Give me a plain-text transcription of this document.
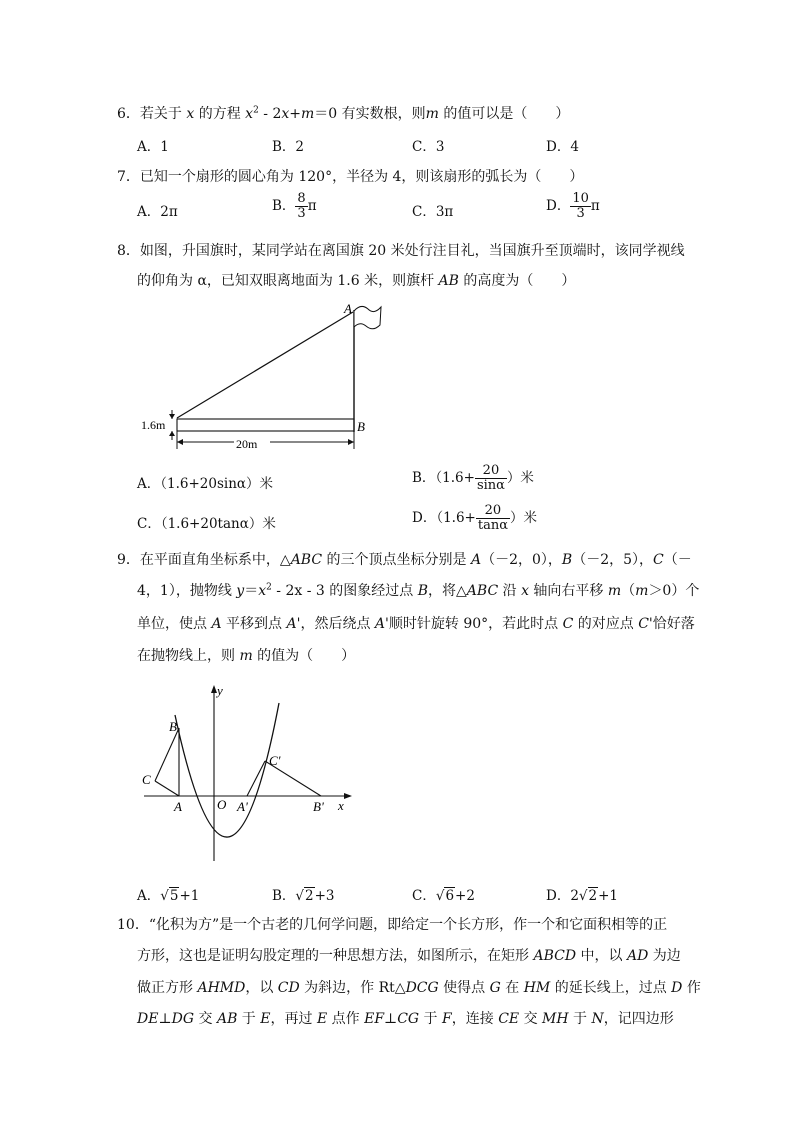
6．若关于 x 的方程 $x^2 - 2x+m=0$ 有实数根，则m 的值可以是（　　）
A．1	B．2	C．3	D．4
7．已知一个扇形的圆心角为 120°，半径为 4，则该扇形的弧长为（　　）
A．2π	B． $\frac{8}{3}$ π	C．3π	D． $\frac{10}{3}$ π
8．如图，升国旗时，某同学站在离国旗 20 米处行注目礼，当国旗升至顶端时，该同学视线
的仰角为 α，已知双眼离地面为 1.6 米，则旗杆 AB 的高度为（　　）
A
B
1.6m
20m
A．（1.6+20sinα）米	B．（$1.6+ \frac{20}{\sin\alpha}$ ）米
C．（1.6+20tanα）米	D．（$1.6+ \frac{20}{\tan\alpha}$ ）米
9．在平面直角坐标系中，△ABC 的三个顶点坐标分别是 A（－2，0），B（－2，5），C（－
4，1），抛物线 $y=x^2 - 2x - 3$ 的图象经过点 B，将△ABC 沿 x 轴向右平移 m（m＞0）个
单位，使点 A 平移到点 A'，然后绕点 A'顺时针旋转 90°，若此时点 C 的对应点 C'恰好落
在抛物线上，则 m 的值为（　　）
y
x
B
C
A	O A'	B'
C'
A．√5+1	B．√2+3	C．√6+2	D．2√2+1
10．“化积为方”是一个古老的几何学问题，即给定一个长方形，作一个和它面积相等的正
方形，这也是证明勾股定理的一种思想方法，如图所示，在矩形 ABCD 中，以 AD 为边
做正方形 AHMD，以 CD 为斜边，作 Rt△DCG 使得点 G 在 HM 的延长线上，过点 D 作
DE⊥DG 交 AB 于 E，再过 E 点作 EF⊥CG 于 F，连接 CE 交 MH 于 N，记四边形
